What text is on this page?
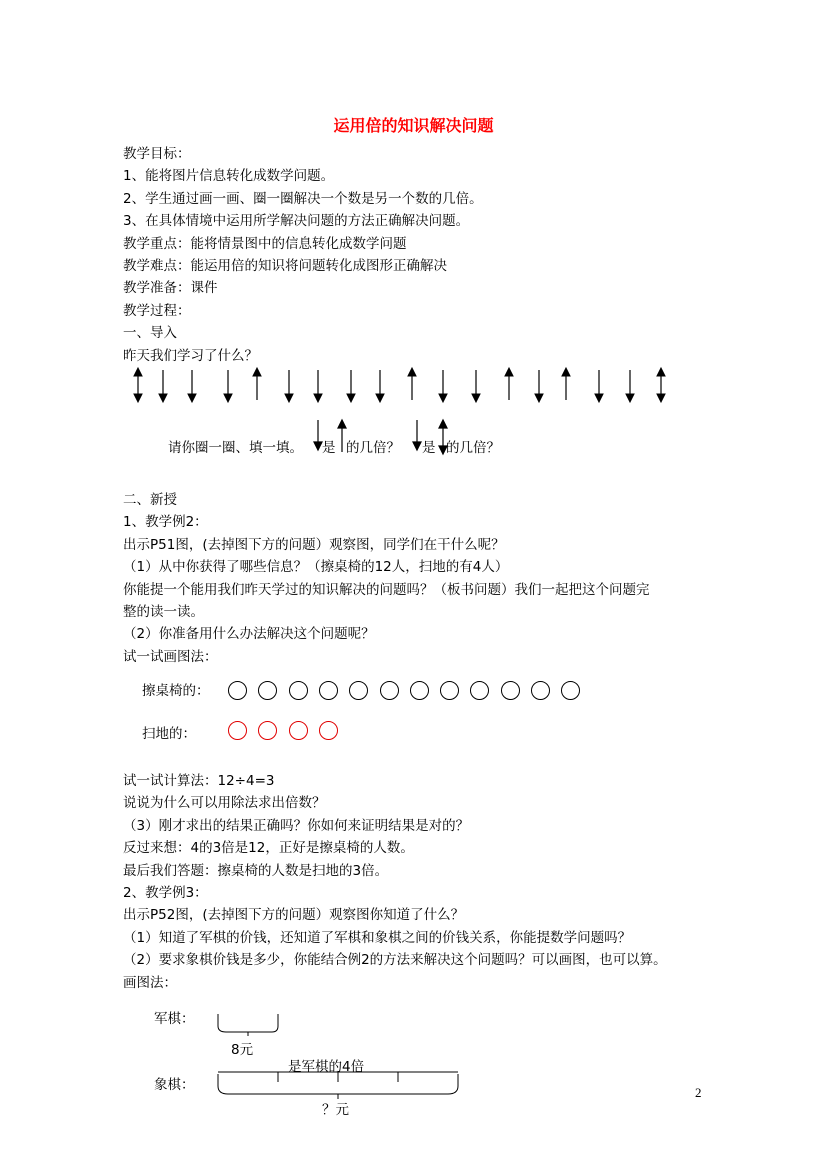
运用倍的知识解决问题
教学目标：
1、能将图片信息转化成数学问题。
2、学生通过画一画、圈一圈解决一个数是另一个数的几倍。
3、在具体情境中运用所学解决问题的方法正确解决问题。
教学重点：能将情景图中的信息转化成数学问题
教学难点：能运用倍的知识将问题转化成图形正确解决
教学准备：课件
教学过程：
一、导入
昨天我们学习了什么？
请你圈一圈、填一填。 是 的几倍？ 是 的几倍？
二、新授
1、教学例2：
出示P51图，(去掉图下方的问题）观察图，同学们在干什么呢？
（1）从中你获得了哪些信息？（擦桌椅的12人，扫地的有4人）
你能提一个能用我们昨天学过的知识解决的问题吗？（板书问题）我们一起把这个问题完
整的读一读。
（2）你准备用什么办法解决这个问题呢？
试一试画图法：
擦桌椅的：
扫地的：
试一试计算法：12÷4=3
说说为什么可以用除法求出倍数？
（3）刚才求出的结果正确吗？你如何来证明结果是对的？
反过来想：4的3倍是12，正好是擦桌椅的人数。
最后我们答题：擦桌椅的人数是扫地的3倍。
2、教学例3：
出示P52图，(去掉图下方的问题）观察图你知道了什么？
（1）知道了军棋的价钱，还知道了军棋和象棋之间的价钱关系，你能提数学问题吗？
（2）要求象棋价钱是多少，你能结合例2的方法来解决这个问题吗？可以画图，也可以算。
画图法：
军棋：
8元
是军棋的4倍
象棋：
？元
2
